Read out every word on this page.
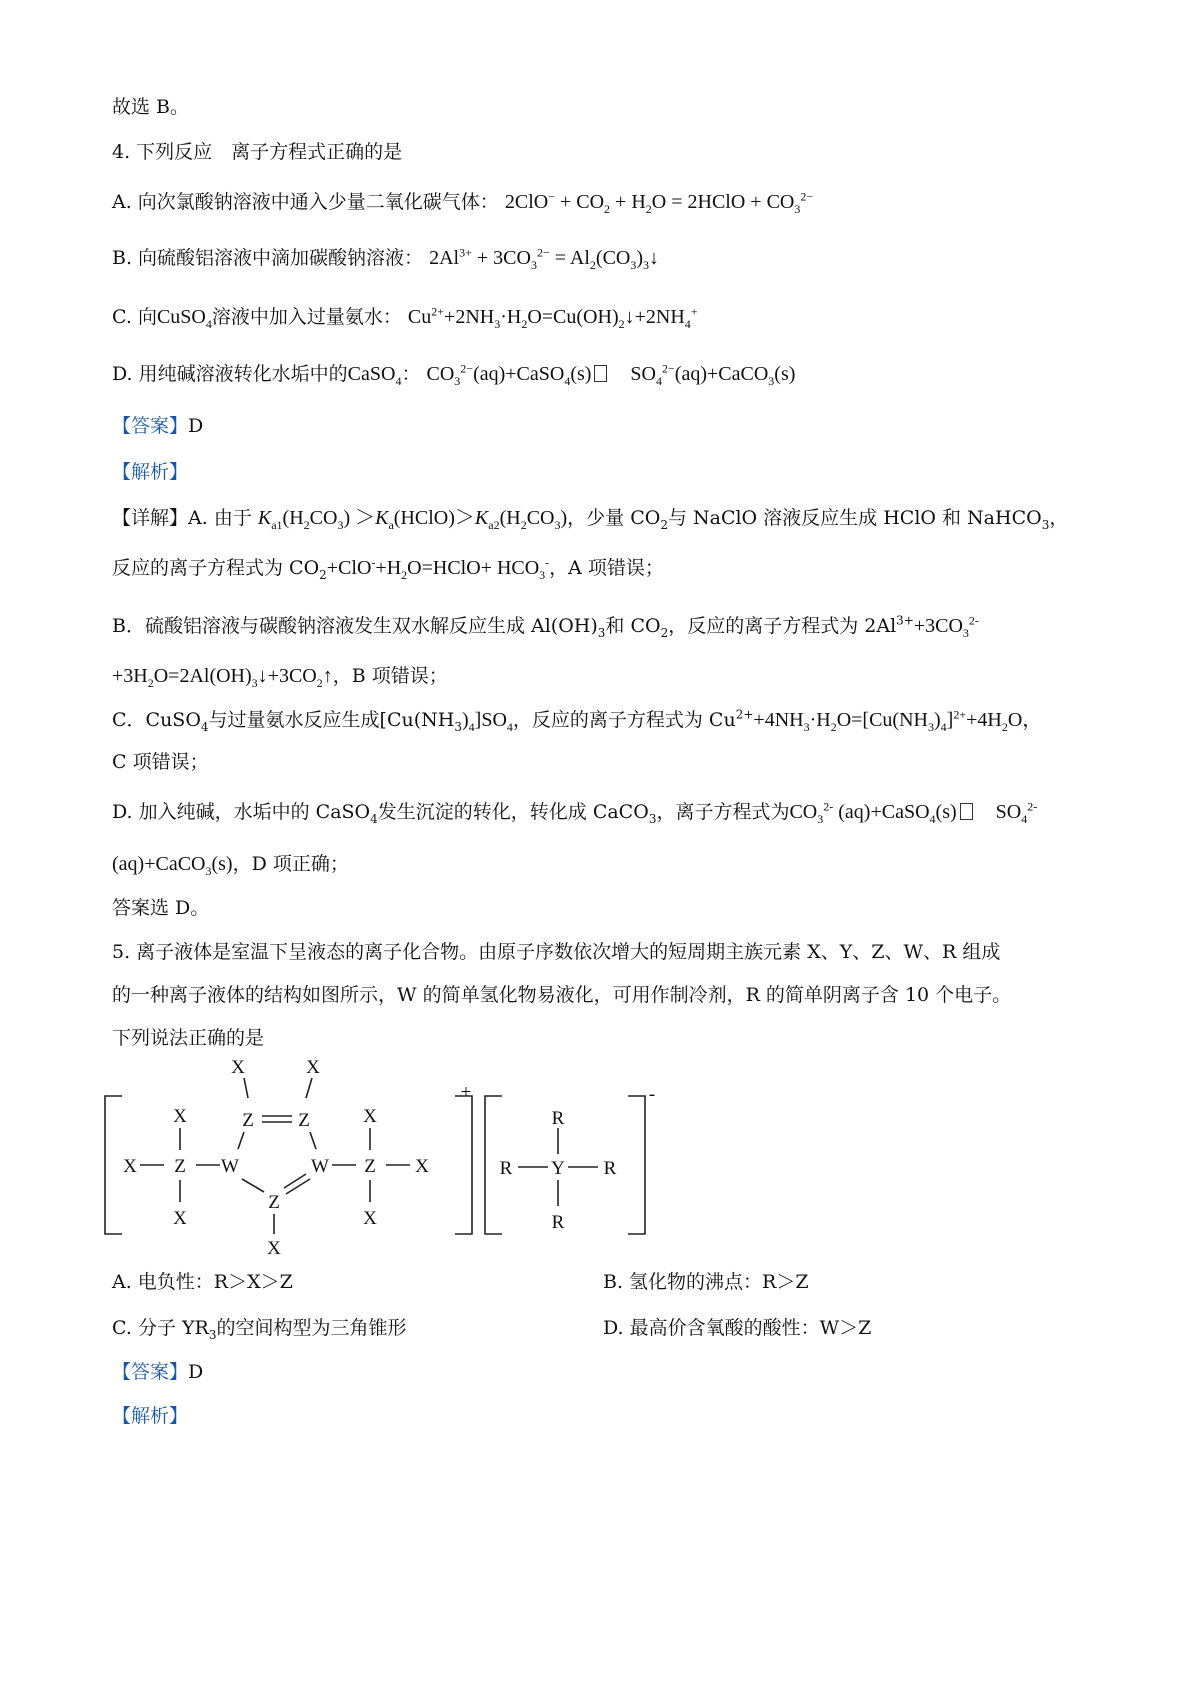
故选 B。
4. 下列反应　离子方程式正确的是
A. 向次氯酸钠溶液中通入少量二氧化碳气体： $2ClO^- + CO_2 + H_2O$ = 2HClO + $CO_3^{2-}$
B. 向硫酸铝溶液中滴加碳酸钠溶液： $2Al^{3+} + 3CO_3^{2-}$ = $Al_2(CO_3)_3↓$
C. 向CuSO$_4$溶液中加入过量氨水： $Cu^{2+}+2NH_3\cdot H_2O=Cu(OH)_2↓+2NH_4^+$
D. 用纯碱溶液转化水垢中的CaSO$_4$： $CO_3^{2-}(aq)+CaSO_4(s)$　$SO_4^{2-}(aq)+CaCO_3(s)$
【答案】D
【解析】
【详解】A. 由于 $K_{a1}(H_2CO_3)$ $>K_a(HClO)>K_{a2}(H_2CO_3)$，少量 $CO_2$与 NaClO 溶液反应生成 HClO 和 NaHCO$_3$，
反应的离子方程式为 $CO_2+ClO^-+H_2O=HClO+ HCO_3^-$，A 项错误；
B．硫酸铝溶液与碳酸钠溶液发生双水解反应生成 $Al(OH)_3$和 $CO_2$，反应的离子方程式为 $2Al^{3+}+3CO_3^{2-}$
$+3H_2O=2Al(OH)_3↓+3CO_2↑$，B 项错误；
C．CuSO$_4$与过量氨水反应生成$[Cu(NH_3)_4]SO_4$，反应的离子方程式为 $Cu^{2+}+4NH_3\cdot H_2O=[Cu(NH_3)_4]^{2+}+4H_2O$，
C 项错误；
D. 加入纯碱，水垢中的 CaSO$_4$发生沉淀的转化，转化成 CaCO$_3$，离子方程式为$CO_3^{2-}$ (aq)+CaSO$_4$(s)　$SO_4^{2-}$
(aq)+CaCO$_3$(s)，D 项正确；
答案选 D。
5. 离子液体是室温下呈液态的离子化合物。由原子序数依次增大的短周期主族元素 X、Y、Z、W、R 组成
的一种离子液体的结构如图所示，W 的简单氢化物易液化，可用作制冷剂，R 的简单阴离子含 10 个电子。
下列说法正确的是
X	X
Z Z
X
X Z W	W
X
Z
X
X
Z X
X
+	-
R
R Y R
R
A. 电负性：R＞X＞Z	B. 氢化物的沸点：R＞Z
C. 分子 $YR_3$的空间构型为三角锥形	D. 最高价含氧酸的酸性：W＞Z
【答案】D
【解析】
